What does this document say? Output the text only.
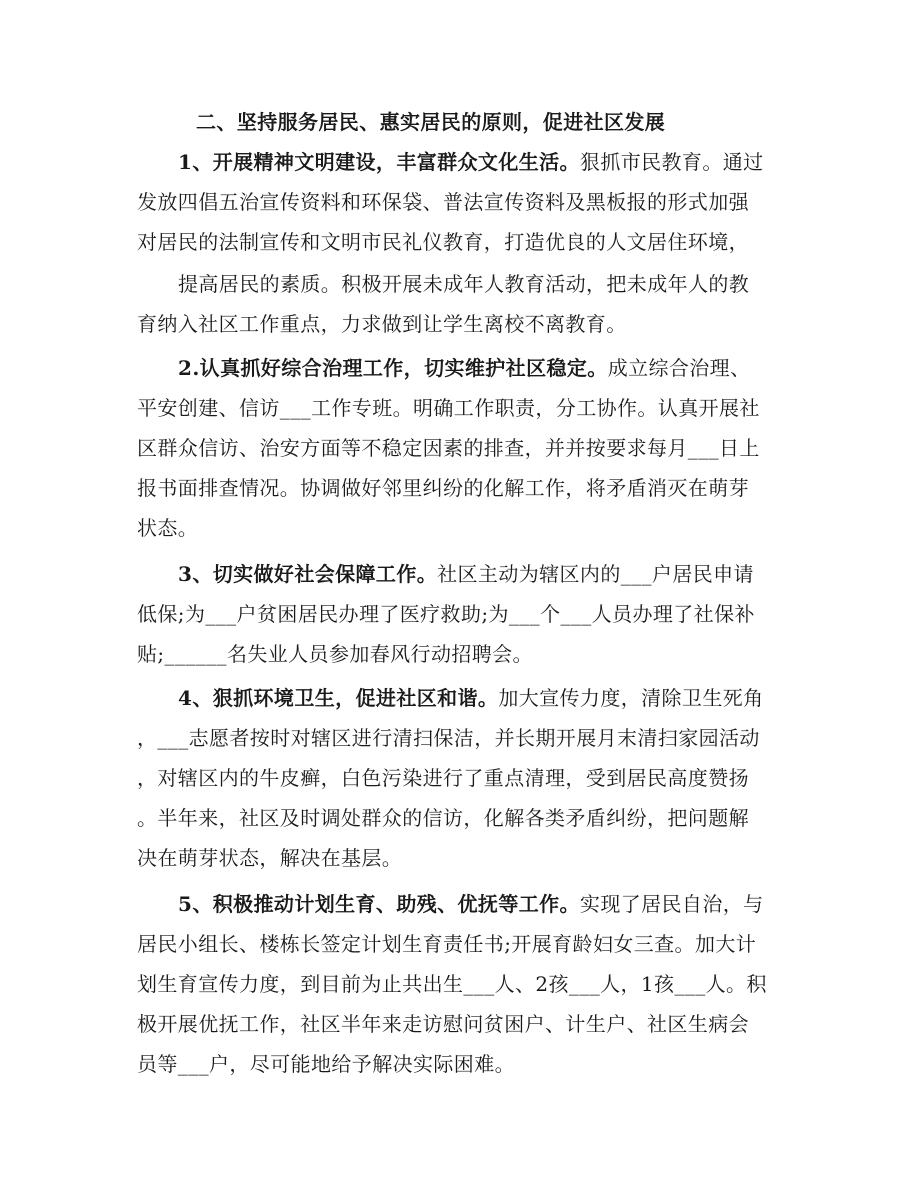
二、坚持服务居民、惠实居民的原则，促进社区发展
1、开展精神文明建设，丰富群众文化生活。狠抓市民教育。通过
发放四倡五治宣传资料和环保袋、普法宣传资料及黑板报的形式加强
对居民的法制宣传和文明市民礼仪教育，打造优良的人文居住环境，
提高居民的素质。积极开展未成年人教育活动，把未成年人的教
育纳入社区工作重点，力求做到让学生离校不离教育。
2.认真抓好综合治理工作，切实维护社区稳定。成立综合治理、
平安创建、信访___工作专班。明确工作职责，分工协作。认真开展社
区群众信访、治安方面等不稳定因素的排查，并并按要求每月___日上
报书面排查情况。协调做好邻里纠纷的化解工作，将矛盾消灭在萌芽
状态。
3、切实做好社会保障工作。社区主动为辖区内的___户居民申请
低保;为___户贫困居民办理了医疗救助;为___个___人员办理了社保补
贴;______名失业人员参加春风行动招聘会。
4、狠抓环境卫生，促进社区和谐。加大宣传力度，清除卫生死角
，___志愿者按时对辖区进行清扫保洁，并长期开展月末清扫家园活动
，对辖区内的牛皮癣，白色污染进行了重点清理，受到居民高度赞扬
。半年来，社区及时调处群众的信访，化解各类矛盾纠纷，把问题解
决在萌芽状态，解决在基层。
5、积极推动计划生育、助残、优抚等工作。实现了居民自治，与
居民小组长、楼栋长签定计划生育责任书;开展育龄妇女三查。加大计
划生育宣传力度，到目前为止共出生___人、2孩___人，1孩___人。积
极开展优抚工作，社区半年来走访慰问贫困户、计生户、社区生病会
员等___户，尽可能地给予解决实际困难。
